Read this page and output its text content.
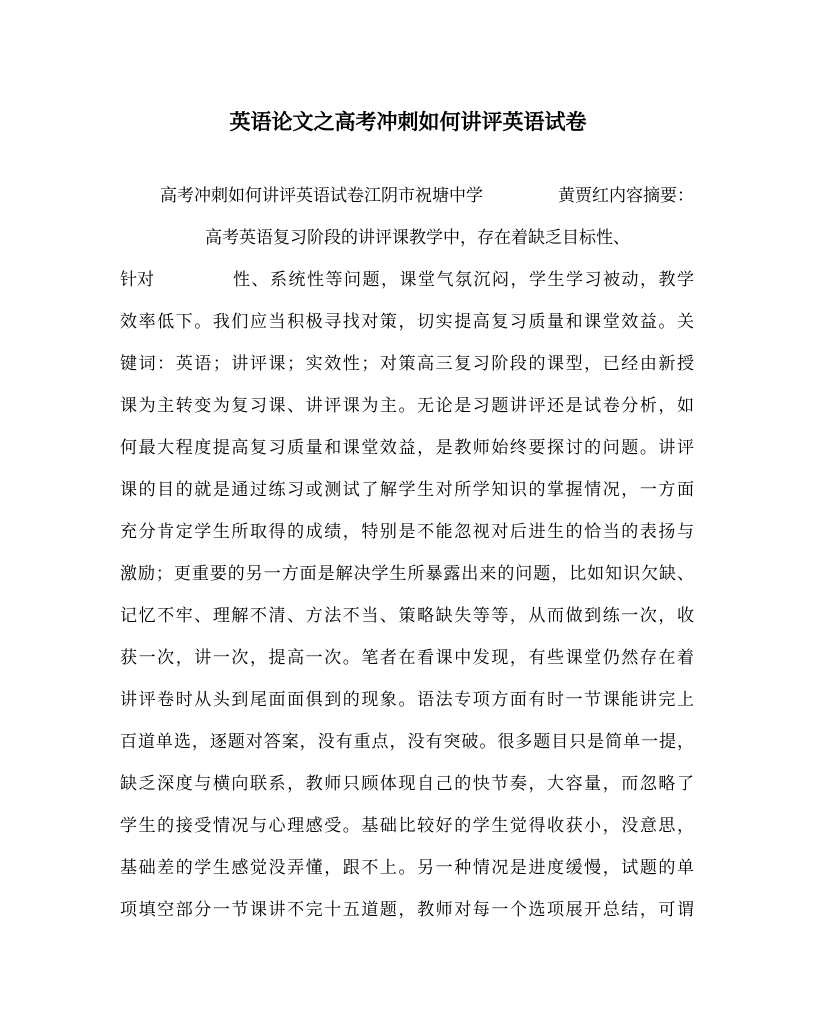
英语论文之高考冲刺如何讲评英语试卷
高考冲刺如何讲评英语试卷江阴市祝塘中学	黄贾红内容摘要：
高考英语复习阶段的讲评课教学中，存在着缺乏目标性、
针对	性、系统性等问题，课堂气氛沉闷，学生学习被动，教学
效率低下。我们应当积极寻找对策，切实提高复习质量和课堂效益。关
键词：英语；讲评课；实效性；对策高三复习阶段的课型，已经由新授
课为主转变为复习课、讲评课为主。无论是习题讲评还是试卷分析，如
何最大程度提高复习质量和课堂效益，是教师始终要探讨的问题。讲评
课的目的就是通过练习或测试了解学生对所学知识的掌握情况，一方面
充分肯定学生所取得的成绩，特别是不能忽视对后进生的恰当的表扬与
激励；更重要的另一方面是解决学生所暴露出来的问题，比如知识欠缺、
记忆不牢、理解不清、方法不当、策略缺失等等，从而做到练一次，收
获一次，讲一次，提高一次。笔者在看课中发现，有些课堂仍然存在着
讲评卷时从头到尾面面俱到的现象。语法专项方面有时一节课能讲完上
百道单选，逐题对答案，没有重点，没有突破。很多题目只是简单一提，
缺乏深度与横向联系，教师只顾体现自己的快节奏，大容量，而忽略了
学生的接受情况与心理感受。基础比较好的学生觉得收获小，没意思，
基础差的学生感觉没弄懂，跟不上。另一种情况是进度缓慢，试题的单
项填空部分一节课讲不完十五道题，教师对每一个选项展开总结，可谓
